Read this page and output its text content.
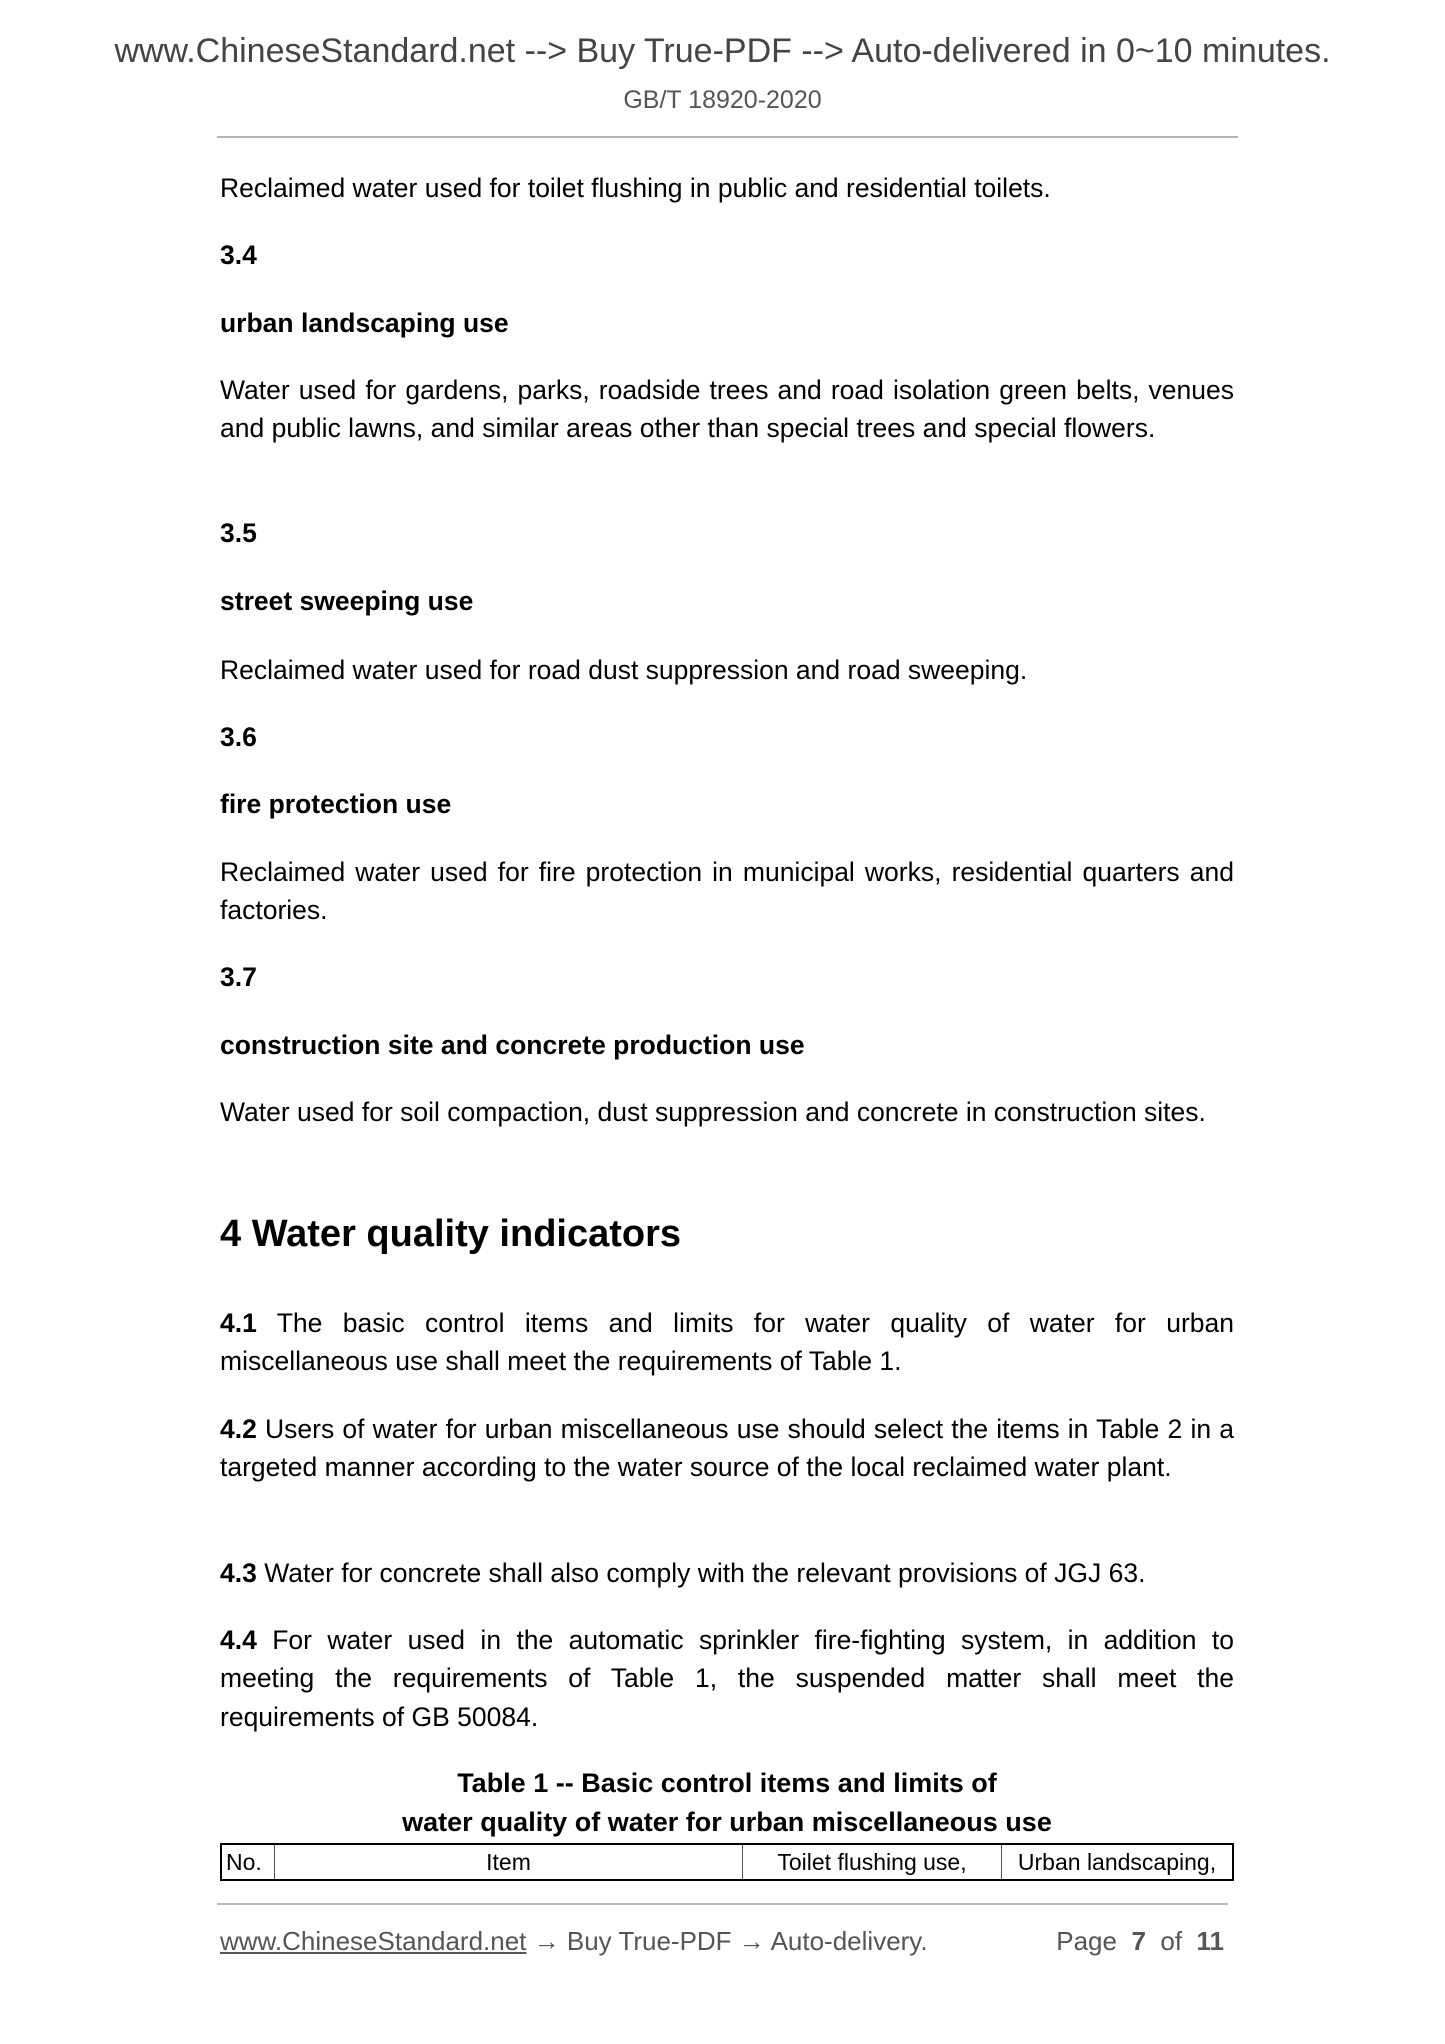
www.ChineseStandard.net --> Buy True-PDF --> Auto-delivered in 0~10 minutes.
GB/T 18920-2020
Reclaimed water used for toilet flushing in public and residential toilets.
3.4
urban landscaping use
Water used for gardens, parks, roadside trees and road isolation green belts, venues and public lawns, and similar areas other than special trees and special flowers.
3.5
street sweeping use
Reclaimed water used for road dust suppression and road sweeping.
3.6
fire protection use
Reclaimed water used for fire protection in municipal works, residential quarters and factories.
3.7
construction site and concrete production use
Water used for soil compaction, dust suppression and concrete in construction sites.
4 Water quality indicators
4.1 The basic control items and limits for water quality of water for urban miscellaneous use shall meet the requirements of Table 1.
4.2 Users of water for urban miscellaneous use should select the items in Table 2 in a targeted manner according to the water source of the local reclaimed water plant.
4.3 Water for concrete shall also comply with the relevant provisions of JGJ 63.
4.4 For water used in the automatic sprinkler fire-fighting system, in addition to meeting the requirements of Table 1, the suspended matter shall meet the requirements of GB 50084.
Table 1 -- Basic control items and limits of
water quality of water for urban miscellaneous use
No.	Item	Toilet flushing use,	Urban landscaping,
www.ChineseStandard.net → Buy True-PDF → Auto-delivery.	Page 7 of 11
